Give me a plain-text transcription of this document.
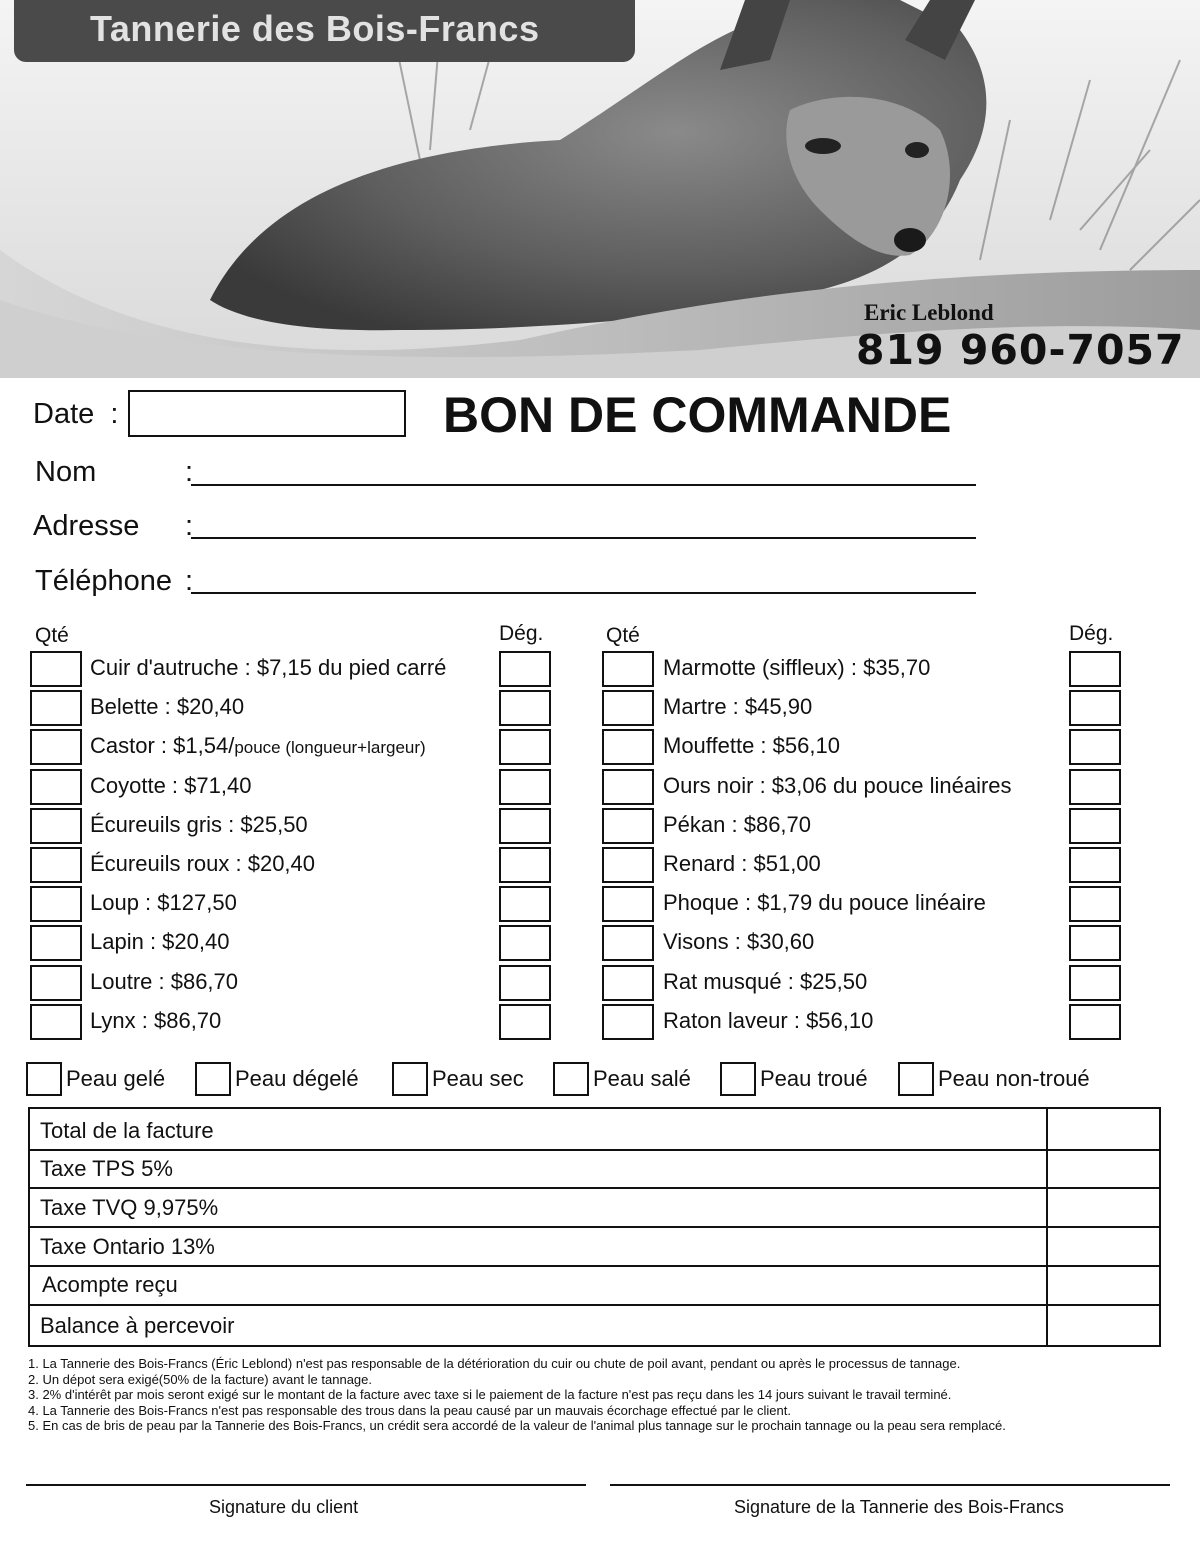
Tannerie des Bois-Francs
Eric Leblond
819 960-7057
Date :	BON DE COMMANDE
Nom	:
Adresse :
Téléphone :
Qté	Dég.	Qté	Dég.
Cuir d'autruche : $7,15 du pied carré
Belette : $20,40
Castor : $1,54/pouce (longueur+largeur)
Coyotte : $71,40
Écureuils gris : $25,50
Écureuils roux : $20,40
Loup : $127,50
Lapin : $20,40
Loutre : $86,70
Lynx : $86,70
Marmotte (siffleux) : $35,70
Martre : $45,90
Mouffette : $56,10
Ours noir : $3,06 du pouce linéaires
Pékan : $86,70
Renard : $51,00
Phoque : $1,79 du pouce linéaire
Visons : $30,60
Rat musqué : $25,50
Raton laveur : $56,10
Peau gelé	Peau dégelé	Peau sec	Peau salé	Peau troué	Peau non-troué
Total de la facture
Taxe TPS 5%
Taxe TVQ 9,975%
Taxe Ontario 13%
Acompte reçu
Balance à percevoir
1. La Tannerie des Bois-Francs (Éric Leblond) n'est pas responsable de la détérioration du cuir ou chute de poil avant, pendant ou après le processus de tannage.
2. Un dépot sera exigé(50% de la facture) avant le tannage.
3. 2% d'intérêt par mois seront exigé sur le montant de la facture avec taxe si le paiement de la facture n'est pas reçu dans les 14 jours suivant le travail terminé.
4. La Tannerie des Bois-Francs n'est pas responsable des trous dans la peau causé par un mauvais écorchage effectué par le client.
5. En cas de bris de peau par la Tannerie des Bois-Francs, un crédit sera accordé de la valeur de l'animal plus tannage sur le prochain tannage ou la peau sera remplacé.
Signature du client	Signature de la Tannerie des Bois-Francs
